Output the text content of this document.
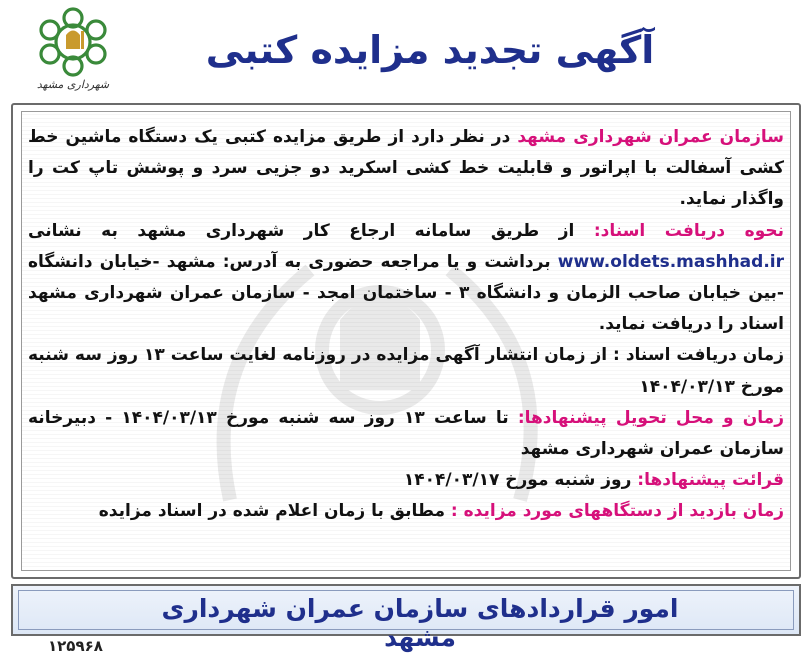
شهرداری مشهد
آگهی تجدید مزایده کتبی
سازمان عمران شهرداری مشهد در نظر دارد از طریق مزایده کتبی یک دستگاه ماشین خط کشی آسفالت با اپراتور و قابلیت خط کشی اسکرید دو جزیی سرد و پوشش تاپ کت را واگذار نماید.
نحوه دریافت اسناد: از طریق سامانه ارجاع کار شهرداری مشهد به نشانی www.oldets.mashhad.ir برداشت و یا مراجعه حضوری به آدرس: مشهد -خیابان دانشگاه -بین خیابان صاحب الزمان و دانشگاه ۳ - ساختمان امجد - سازمان عمران شهرداری مشهد اسناد را دریافت نماید.
زمان دریافت اسناد : از زمان انتشار آگهی مزایده در روزنامه لغایت ساعت ۱۳ روز سه شنبه مورخ ۱۴۰۴/۰۳/۱۳
زمان و محل تحویل پیشنهادها: تا ساعت ۱۳ روز سه شنبه مورخ ۱۴۰۴/۰۳/۱۳ - دبیرخانه سازمان عمران شهرداری مشهد
قرائت پیشنهادها: روز شنبه مورخ ۱۴۰۴/۰۳/۱۷
زمان بازدید از دستگاههای مورد مزایده : مطابق با زمان اعلام شده در اسناد مزایده
امور قراردادهای سازمان عمران شهرداری مشهد
۱۲۵۹۶۸
